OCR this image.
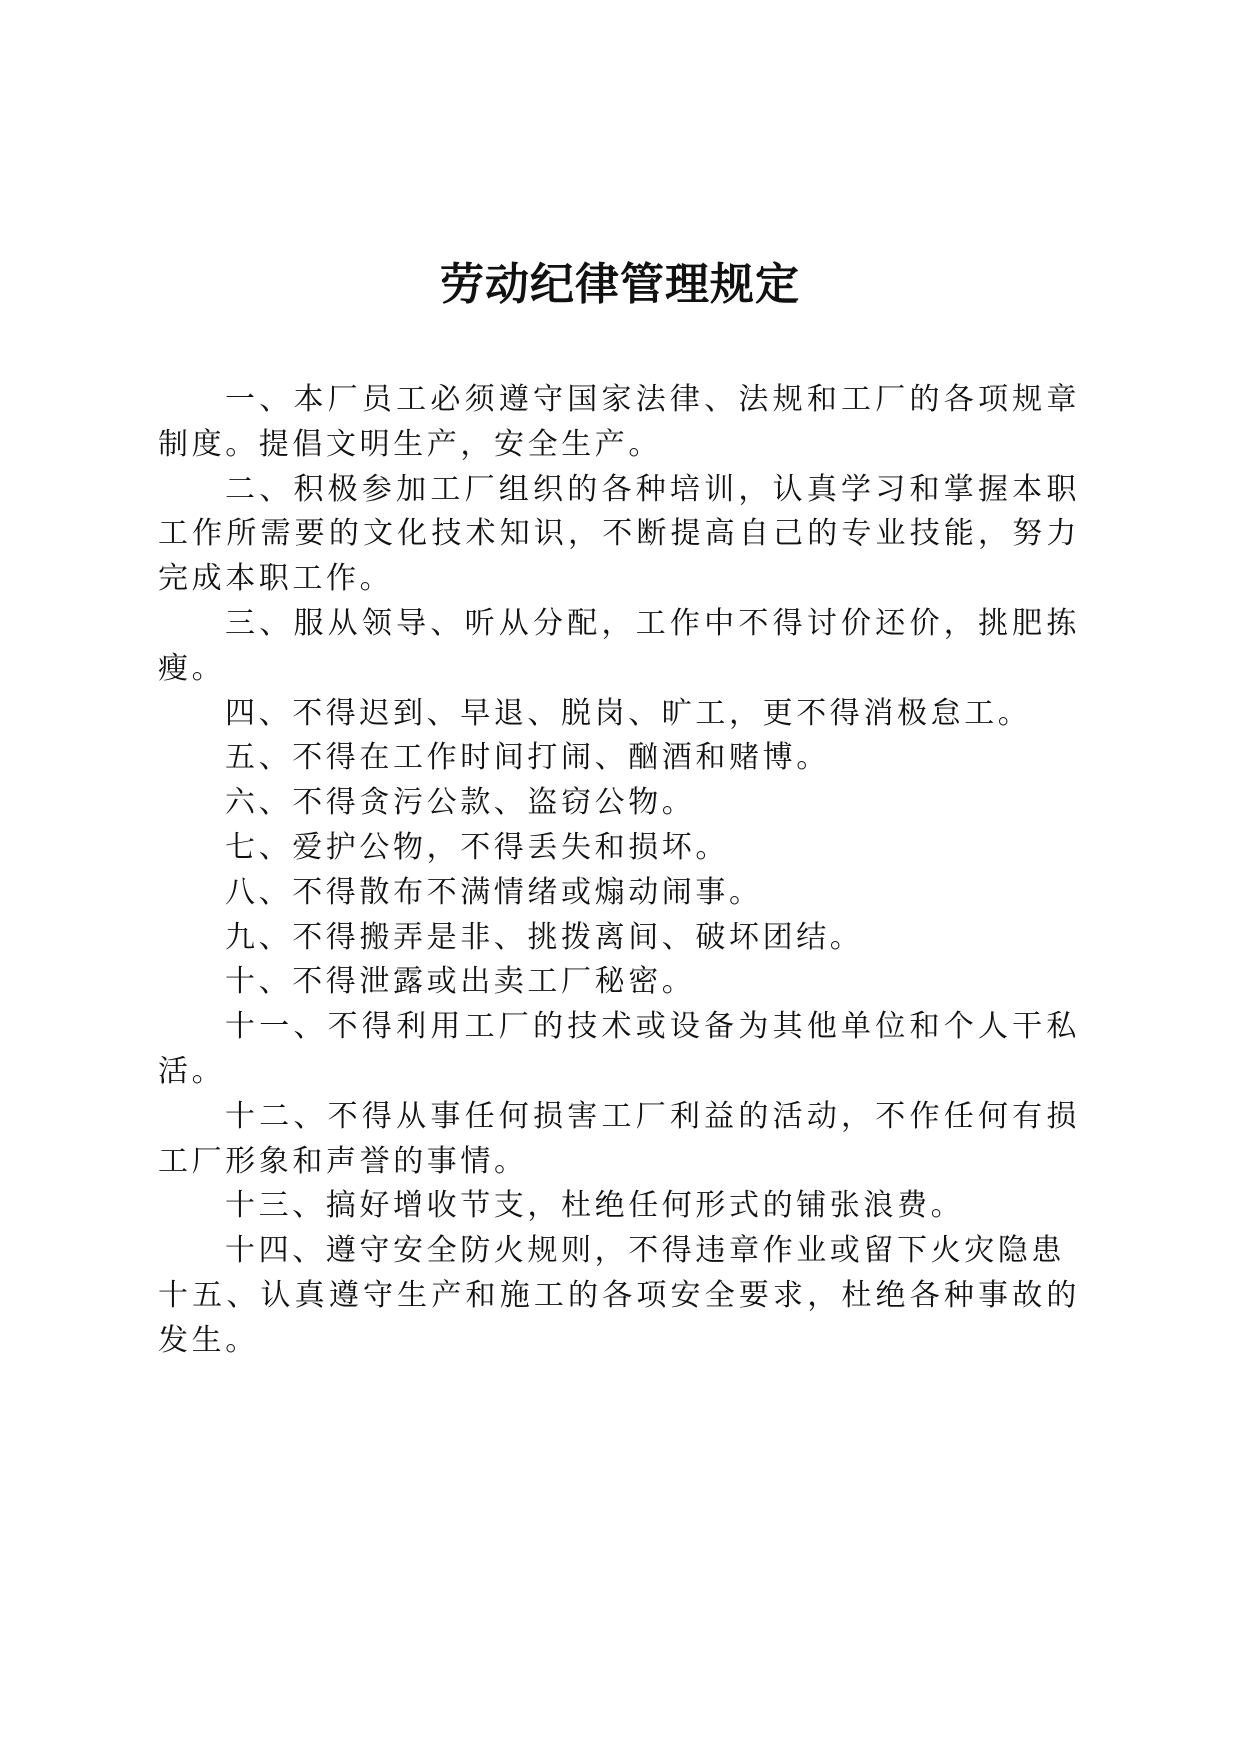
劳动纪律管理规定

一、本厂员工必须遵守国家法律、法规和工厂的各项规章制度。提倡文明生产，安全生产。

二、积极参加工厂组织的各种培训，认真学习和掌握本职工作所需要的文化技术知识，不断提高自己的专业技能，努力完成本职工作。

三、服从领导、听从分配，工作中不得讨价还价，挑肥拣瘦。

四、不得迟到、早退、脱岗、旷工，更不得消极怠工。

五、不得在工作时间打闹、酗酒和赌博。

六、不得贪污公款、盗窃公物。

七、爱护公物，不得丢失和损坏。

八、不得散布不满情绪或煽动闹事。

九、不得搬弄是非、挑拨离间、破坏团结。

十、不得泄露或出卖工厂秘密。

十一、不得利用工厂的技术或设备为其他单位和个人干私活。

十二、不得从事任何损害工厂利益的活动，不作任何有损工厂形象和声誉的事情。

十三、搞好增收节支，杜绝任何形式的铺张浪费。

十四、遵守安全防火规则，不得违章作业或留下火灾隐患

十五、认真遵守生产和施工的各项安全要求，杜绝各种事故的发生。
